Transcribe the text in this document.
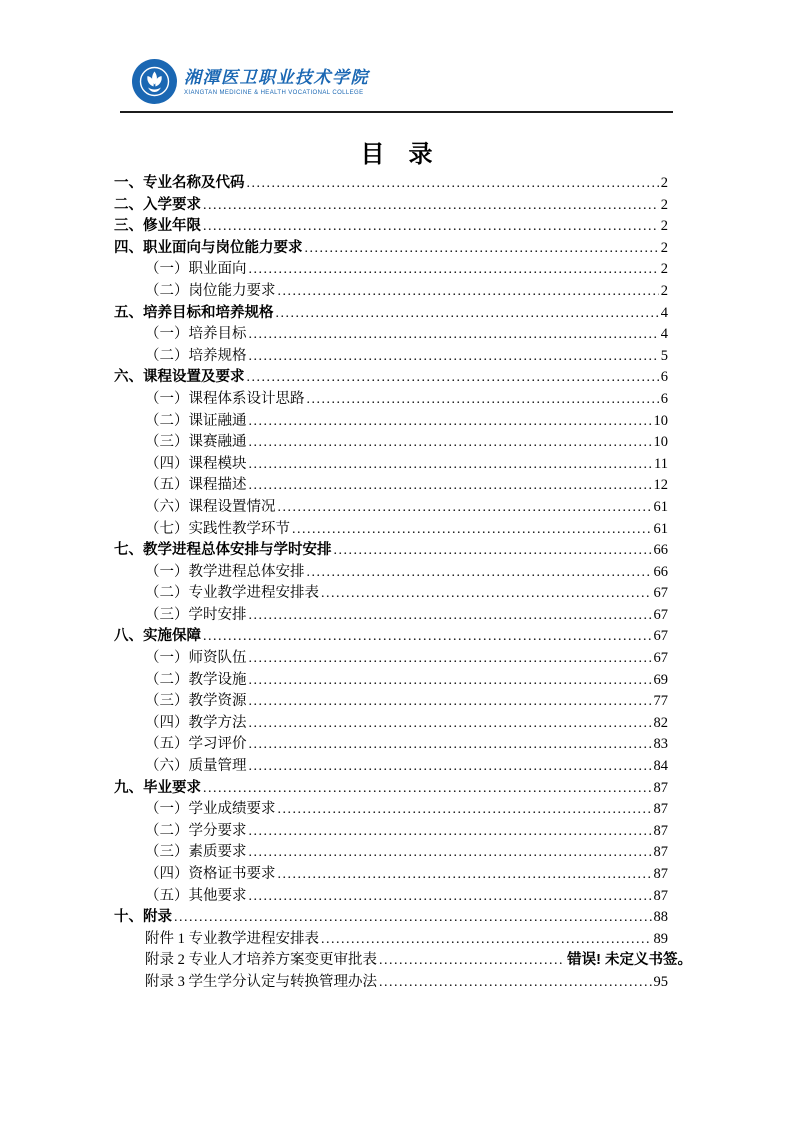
湘潭医卫职业技术学院
XIANGTAN MEDICINE & HEALTH VOCATIONAL COLLEGE
目　录
一、专业名称及代码 .....	2
二、入学要求 .....	2
三、修业年限 .....	2
四、职业面向与岗位能力要求 .....	2
（一）职业面向 .....	2
（二）岗位能力要求 .....	2
五、培养目标和培养规格 .....	4
（一）培养目标 .....	4
（二）培养规格 .....	5
六、课程设置及要求 .....	6
（一）课程体系设计思路 .....	6
（二）课证融通 .....	10
（三）课赛融通 .....	10
（四）课程模块 .....	11
（五）课程描述 .....	12
（六）课程设置情况 .....	61
（七）实践性教学环节 .....	61
七、教学进程总体安排与学时安排 .....	66
（一）教学进程总体安排 .....	66
（二）专业教学进程安排表 .....	67
（三）学时安排 .....	67
八、实施保障 .....	67
（一）师资队伍 .....	67
（二）教学设施 .....	69
（三）教学资源 .....	77
（四）教学方法 .....	82
（五）学习评价 .....	83
（六）质量管理 .....	84
九、毕业要求 .....	87
（一）学业成绩要求 .....	87
（二）学分要求 .....	87
（三）素质要求 .....	87
（四）资格证书要求 .....	87
（五）其他要求 .....	87
十、附录 .....	88
附件 1 专业教学进程安排表 .....	89
附录 2 专业人才培养方案变更审批表 .....	错误! 未定义书签。
附录 3 学生学分认定与转换管理办法 .....	95
